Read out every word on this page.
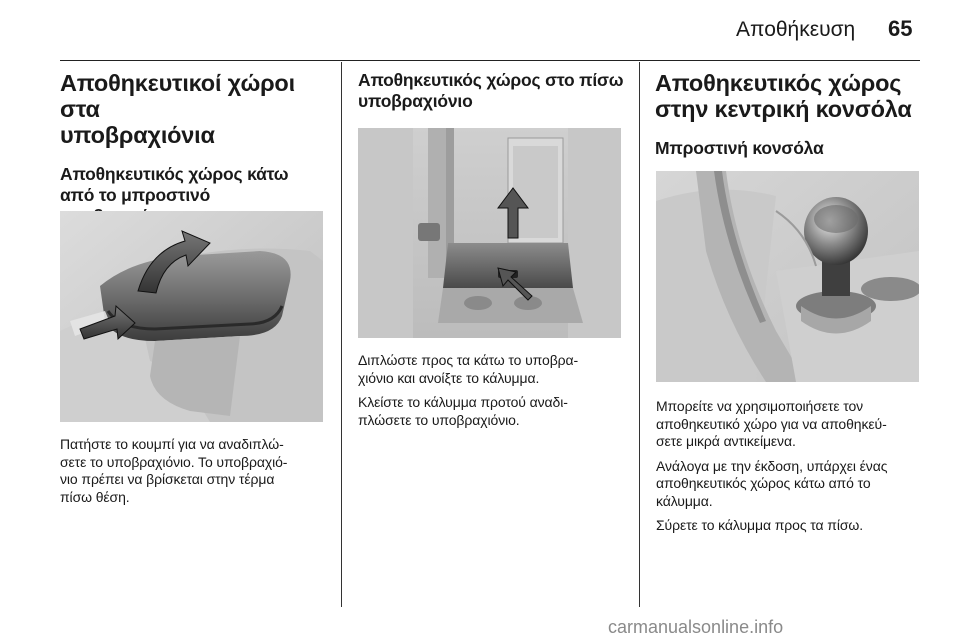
Αποθήκευση 65
Αποθηκευτικοί χώροι στα
υποβραχιόνια
Αποθηκευτικός χώρος κάτω
από το μπροστινό
Πατήστε το κουμπί για να αναδιπλώ-
σετε το υποβραχιόνιο. Το υποβραχιό-
νιο πρέπει να βρίσκεται στην τέρμα
πίσω θέση.
Αποθηκευτικός χώρος στο πίσω
υποβραχιόνιο
Διπλώστε προς τα κάτω το υποβρα-
χιόνιο και ανοίξτε το κάλυμμα.
Κλείστε το κάλυμμα προτού αναδι-
πλώσετε το υποβραχιόνιο.
Αποθηκευτικός χώρος
στην κεντρική κονσόλα
Μπροστινή κονσόλα
Μπορείτε να χρησιμοποιήσετε τον
αποθηκευτικό χώρο για να αποθηκεύ-
σετε μικρά αντικείμενα.
Ανάλογα με την έκδοση, υπάρχει ένας
αποθηκευτικός χώρος κάτω από το
κάλυμμα.
Σύρετε το κάλυμμα προς τα πίσω.
carmanualsonline.info
